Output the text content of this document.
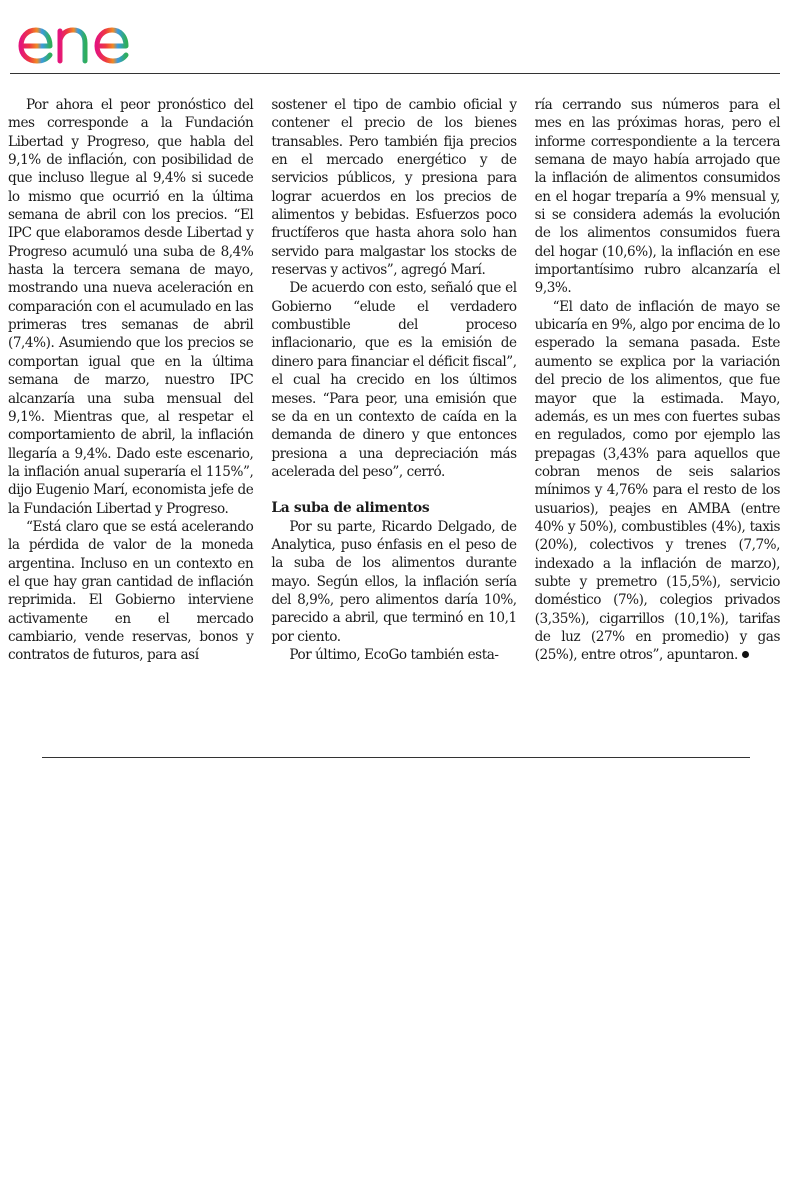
Por ahora el peor pronóstico del mes corresponde a la Fundación Libertad y Progreso, que habla del 9,1% de inflación, con posibilidad de que incluso llegue al 9,4% si sucede lo mismo que ocurrió en la última semana de abril con los precios. “El IPC que elaboramos desde Libertad y Progreso acumuló una suba de 8,4% hasta la tercera semana de mayo, mostrando una nueva aceleración en comparación con el acumulado en las primeras tres semanas de abril (7,4%). Asumiendo que los precios se comportan igual que en la última semana de marzo, nuestro IPC alcanzaría una suba mensual del 9,1%. Mientras que, al respetar el comportamiento de abril, la inflación llegaría a 9,4%. Dado este escenario, la inflación anual superaría el 115%”, dijo Eugenio Marí, economista jefe de la Fundación Libertad y Progreso.

“Está claro que se está acelerando la pérdida de valor de la moneda argentina. Incluso en un contexto en el que hay gran cantidad de inflación reprimida. El Gobierno interviene activamente en el mercado cambiario, vende reservas, bonos y contratos de futuros, para así

sostener el tipo de cambio oficial y contener el precio de los bienes transables. Pero también fija precios en el mercado energético y de servicios públicos, y presiona para lograr acuerdos en los precios de alimentos y bebidas. Esfuerzos poco fructíferos que hasta ahora solo han servido para malgastar los stocks de reservas y activos”, agregó Marí.

De acuerdo con esto, señaló que el Gobierno “elude el verdadero combustible del proceso inflacionario, que es la emisión de dinero para financiar el déficit fiscal”, el cual ha crecido en los últimos meses. “Para peor, una emisión que se da en un contexto de caída en la demanda de dinero y que entonces presiona a una depreciación más acelerada del peso”, cerró.

La suba de alimentos

Por su parte, Ricardo Delgado, de Analytica, puso énfasis en el peso de la suba de los alimentos durante mayo. Según ellos, la inflación sería del 8,9%, pero alimentos daría 10%, parecido a abril, que terminó en 10,1 por ciento.

Por último, EcoGo también esta-

ría cerrando sus números para el mes en las próximas horas, pero el informe correspondiente a la tercera semana de mayo había arrojado que la inflación de alimentos consumidos en el hogar treparía a 9% mensual y, si se considera además la evolución de los alimentos consumidos fuera del hogar (10,6%), la inflación en ese importantísimo rubro alcanzaría el 9,3%.

“El dato de inflación de mayo se ubicaría en 9%, algo por encima de lo esperado la semana pasada. Este aumento se explica por la variación del precio de los alimentos, que fue mayor que la estimada. Mayo, además, es un mes con fuertes subas en regulados, como por ejemplo las prepagas (3,43% para aquellos que cobran menos de seis salarios mínimos y 4,76% para el resto de los usuarios), peajes en AMBA (entre 40% y 50%), combustibles (4%), taxis (20%), colectivos y trenes (7,7%, indexado a la inflación de marzo), subte y premetro (15,5%), servicio doméstico (7%), colegios privados (3,35%), cigarrillos (10,1%), tarifas de luz (27% en promedio) y gas (25%), entre otros”, apuntaron.
